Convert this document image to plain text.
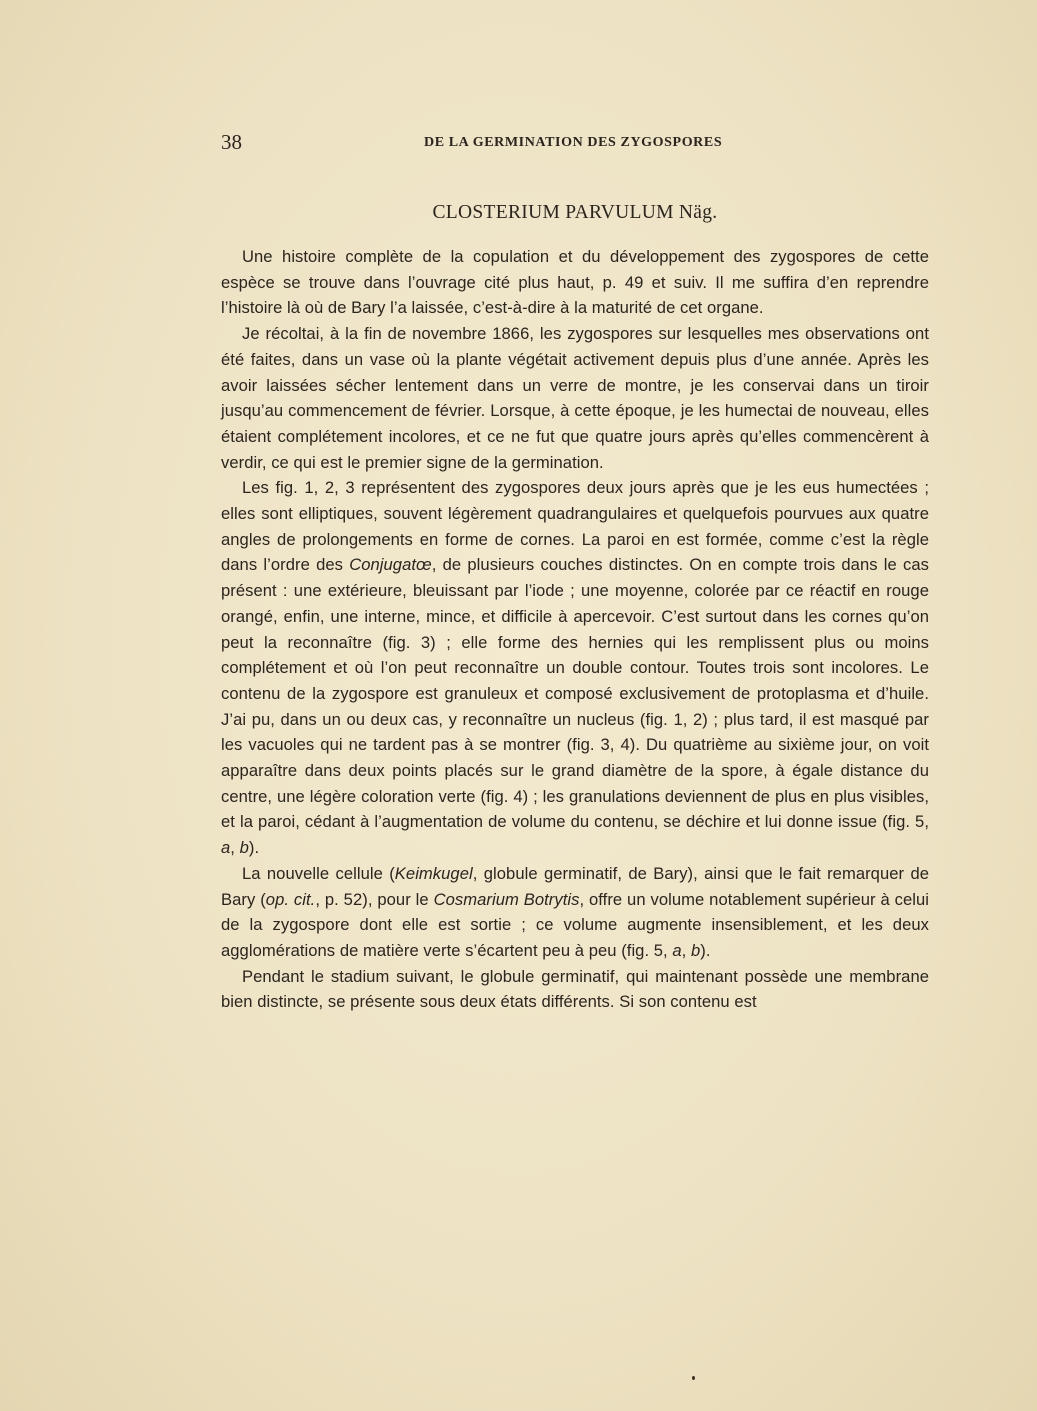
38	DE LA GERMINATION DES ZYGOSPORES
CLOSTERIUM PARVULUM Näg.

Une histoire complète de la copulation et du développement des zygospores de cette espèce se trouve dans l’ouvrage cité plus haut, p. 49 et suiv. Il me suffira d’en reprendre l’histoire là où de Bary l’a laissée, c’est-à-dire à la maturité de cet organe.

Je récoltai, à la fin de novembre 1866, les zygospores sur lesquelles mes observations ont été faites, dans un vase où la plante végétait activement depuis plus d’une année. Après les avoir laissées sécher lentement dans un verre de montre, je les conservai dans un tiroir jusqu’au commencement de février. Lorsque, à cette époque, je les humectai de nouveau, elles étaient complétement incolores, et ce ne fut que quatre jours après qu’elles commencèrent à verdir, ce qui est le premier signe de la germination.

Les fig. 1, 2, 3 représentent des zygospores deux jours après que je les eus humectées ; elles sont elliptiques, souvent légèrement quadrangulaires et quelquefois pourvues aux quatre angles de prolongements en forme de cornes. La paroi en est formée, comme c’est la règle dans l’ordre des Conjugatœ, de plusieurs couches distinctes. On en compte trois dans le cas présent : une extérieure, bleuissant par l’iode ; une moyenne, colorée par ce réactif en rouge orangé, enfin, une interne, mince, et difficile à apercevoir. C’est surtout dans les cornes qu’on peut la reconnaître (fig. 3) ; elle forme des hernies qui les remplissent plus ou moins complétement et où l’on peut reconnaître un double contour. Toutes trois sont incolores. Le contenu de la zygospore est granuleux et composé exclusivement de protoplasma et d’huile. J’ai pu, dans un ou deux cas, y reconnaître un nucleus (fig. 1, 2) ; plus tard, il est masqué par les vacuoles qui ne tardent pas à se montrer (fig. 3, 4). Du quatrième au sixième jour, on voit apparaître dans deux points placés sur le grand diamètre de la spore, à égale distance du centre, une légère coloration verte (fig. 4) ; les granulations deviennent de plus en plus visibles, et la paroi, cédant à l’augmentation de volume du contenu, se déchire et lui donne issue (fig. 5, a, b).

La nouvelle cellule (Keimkugel, globule germinatif, de Bary), ainsi que le fait remarquer de Bary (op. cit., p. 52), pour le Cosmarium Botrytis, offre un volume notablement supérieur à celui de la zygospore dont elle est sortie ; ce volume augmente insensiblement, et les deux agglomérations de matière verte s’écartent peu à peu (fig. 5, a, b).

Pendant le stadium suivant, le globule germinatif, qui maintenant possède une membrane bien distincte, se présente sous deux états différents. Si son contenu est
